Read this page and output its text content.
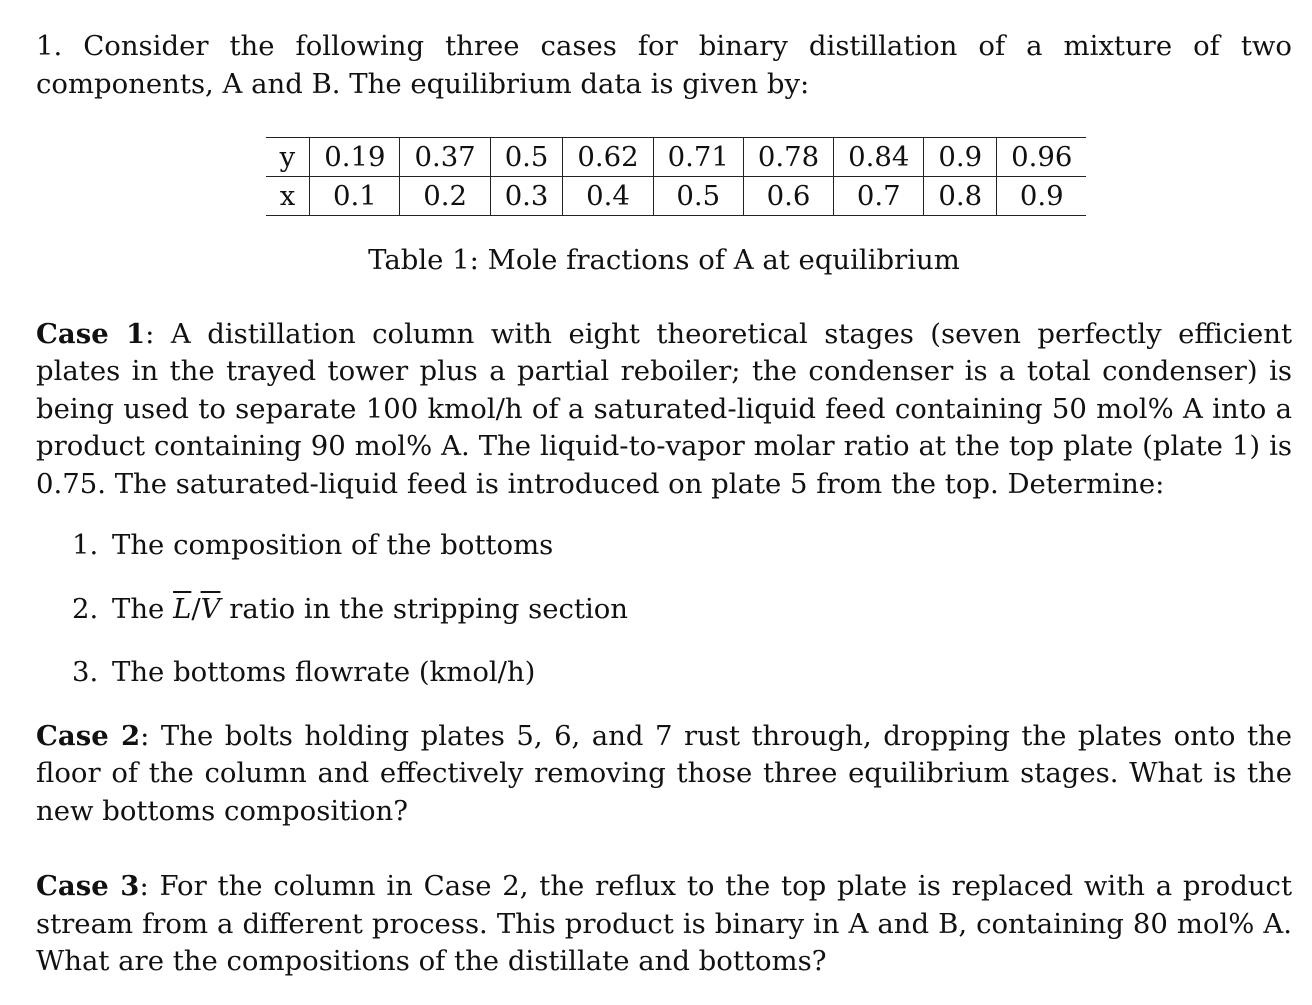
1. Consider the following three cases for binary distillation of a mixture of two components, A and B. The equilibrium data is given by:

y	0.19	0.37	0.5	0.62	0.71	0.78	0.84	0.9	0.96
x	0.1	0.2	0.3	0.4	0.5	0.6	0.7	0.8	0.9

Table 1: Mole fractions of A at equilibrium

Case 1: A distillation column with eight theoretical stages (seven perfectly efficient plates in the trayed tower plus a partial reboiler; the condenser is a total condenser) is being used to separate 100 kmol/h of a saturated-liquid feed containing 50 mol% A into a product containing 90 mol% A. The liquid-to-vapor molar ratio at the top plate (plate 1) is 0.75. The saturated-liquid feed is introduced on plate 5 from the top. Determine:

1. The composition of the bottoms
2. The $\overline{L}/\overline{V}$ ratio in the stripping section
3. The bottoms flowrate (kmol/h)

Case 2: The bolts holding plates 5, 6, and 7 rust through, dropping the plates onto the floor of the column and effectively removing those three equilibrium stages. What is the new bottoms composition?

Case 3: For the column in Case 2, the reflux to the top plate is replaced with a product stream from a different process. This product is binary in A and B, containing 80 mol% A. What are the compositions of the distillate and bottoms?
